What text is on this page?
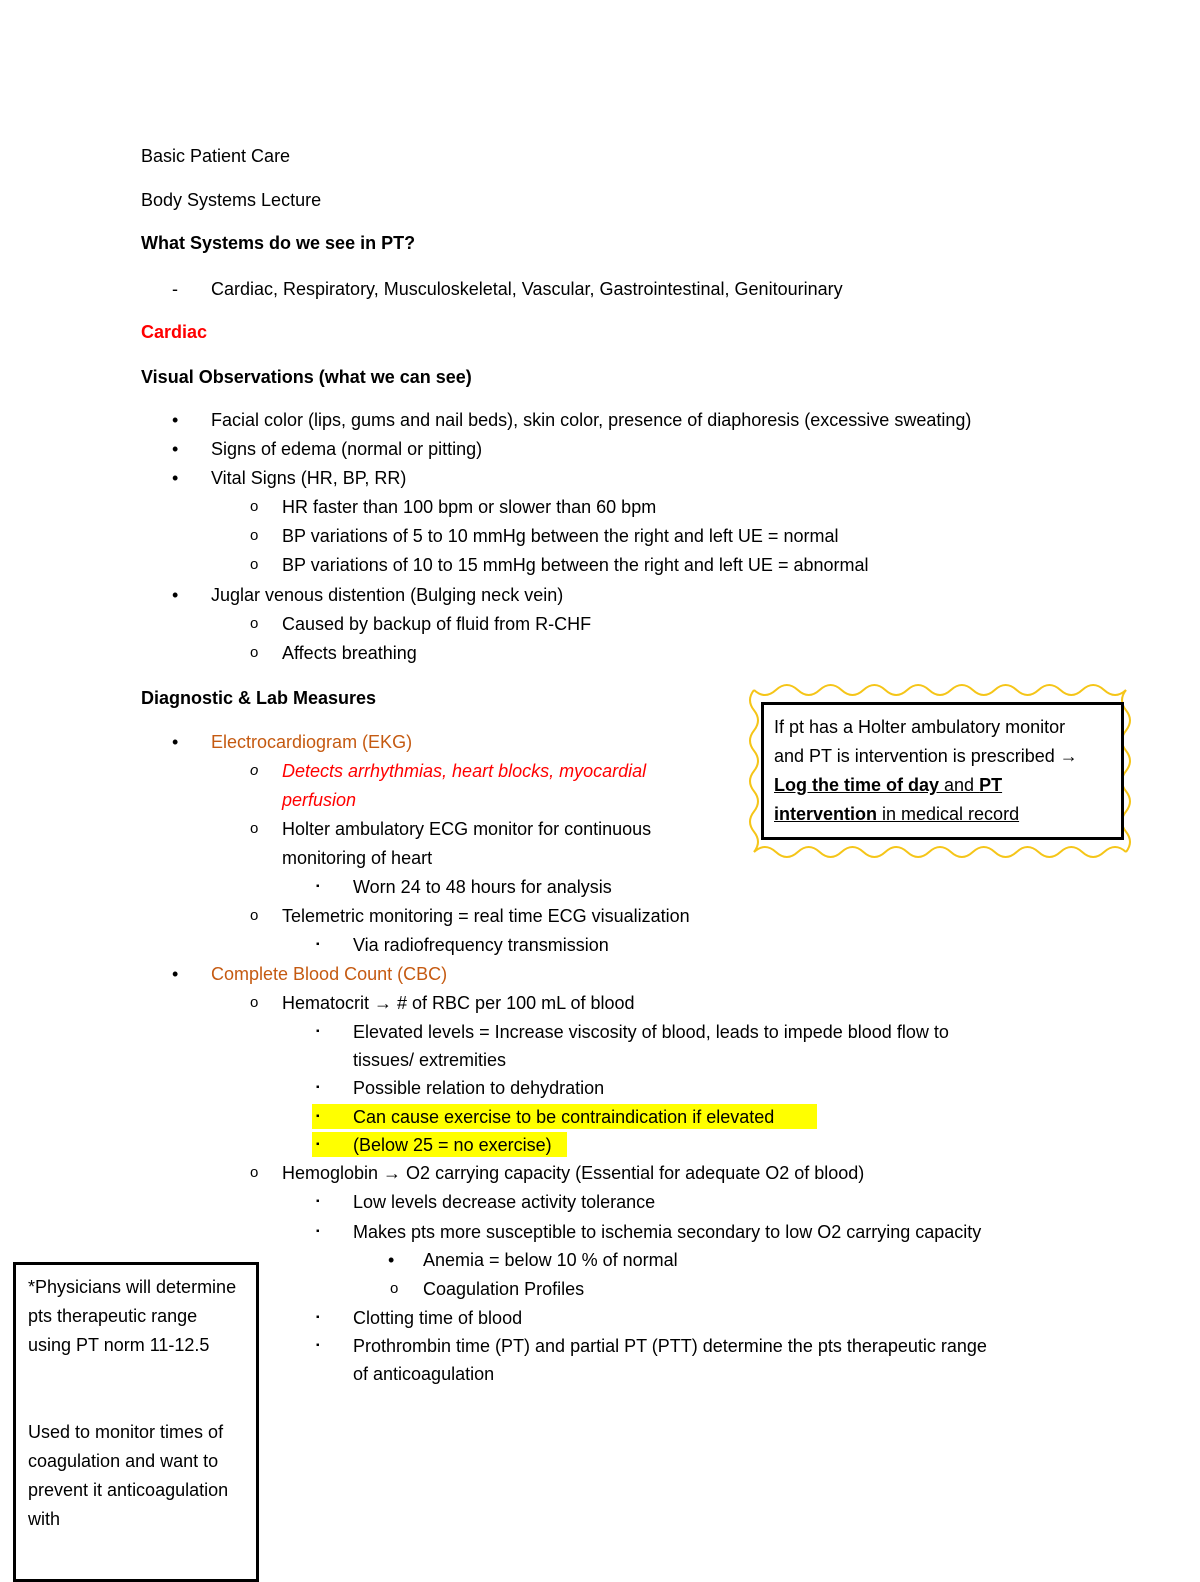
Basic Patient Care
Body Systems Lecture
What Systems do we see in PT?
- Cardiac, Respiratory, Musculoskeletal, Vascular, Gastrointestinal, Genitourinary
Cardiac
Visual Observations (what we can see)
• Facial color (lips, gums and nail beds), skin color, presence of diaphoresis (excessive sweating)
• Signs of edema (normal or pitting)
• Vital Signs (HR, BP, RR)
o HR faster than 100 bpm or slower than 60 bpm
o BP variations of 5 to 10 mmHg between the right and left UE = normal
o BP variations of 10 to 15 mmHg between the right and left UE = abnormal
• Juglar venous distention (Bulging neck vein)
o Caused by backup of fluid from R-CHF
o Affects breathing
Diagnostic & Lab Measures
• Electrocardiogram (EKG)
o Detects arrhythmias, heart blocks, myocardial
perfusion
o Holter ambulatory ECG monitor for continuous
monitoring of heart
▪ Worn 24 to 48 hours for analysis
o Telemetric monitoring = real time ECG visualization
▪ Via radiofrequency transmission
• Complete Blood Count (CBC)
o Hematocrit → # of RBC per 100 mL of blood
▪ Elevated levels = Increase viscosity of blood, leads to impede blood flow to
tissues/ extremities
▪ Possible relation to dehydration
▪ Can cause exercise to be contraindication if elevated
▪ (Below 25 = no exercise)
o Hemoglobin → O2 carrying capacity (Essential for adequate O2 of blood)
▪ Low levels decrease activity tolerance
▪ Makes pts more susceptible to ischemia secondary to low O2 carrying capacity
• Anemia = below 10 % of normal
o Coagulation Profiles
▪ Clotting time of blood
▪ Prothrombin time (PT) and partial PT (PTT) determine the pts therapeutic range
of anticoagulation
If pt has a Holter ambulatory monitor
and PT is intervention is prescribed →
Log the time of day and PT
intervention in medical record

*Physicians will determine pts therapeutic range using PT norm 11-12.5

Used to monitor times of coagulation and want to prevent it anticoagulation with
